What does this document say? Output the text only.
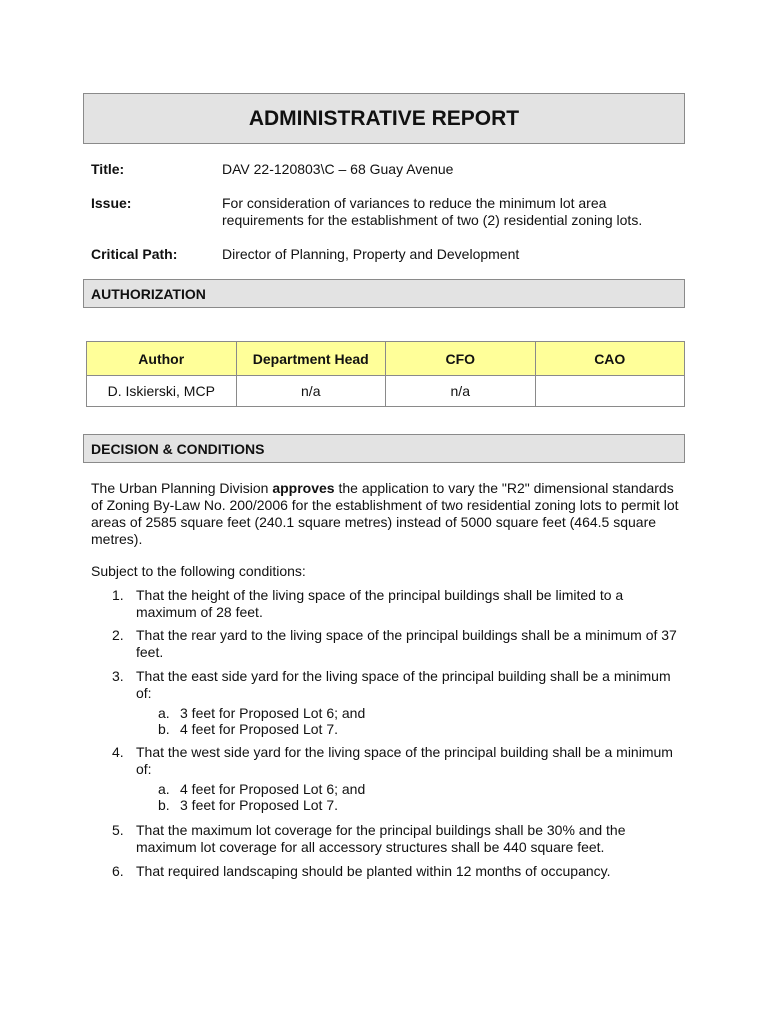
ADMINISTRATIVE REPORT
Title:	DAV 22-120803\C – 68 Guay Avenue
Issue:	For consideration of variances to reduce the minimum lot area requirements for the establishment of two (2) residential zoning lots.
Critical Path:	Director of Planning, Property and Development
AUTHORIZATION
Author	Department Head	CFO	CAO
D. Iskierski, MCP	n/a	n/a	
DECISION & CONDITIONS
The Urban Planning Division approves the application to vary the "R2" dimensional standards of Zoning By-Law No. 200/2006 for the establishment of two residential zoning lots to permit lot areas of 2585 square feet (240.1 square metres) instead of 5000 square feet (464.5 square metres).
Subject to the following conditions:
1. That the height of the living space of the principal buildings shall be limited to a maximum of 28 feet.
2. That the rear yard to the living space of the principal buildings shall be a minimum of 37 feet.
3. That the east side yard for the living space of the principal building shall be a minimum of:
a. 3 feet for Proposed Lot 6; and
b. 4 feet for Proposed Lot 7.
4. That the west side yard for the living space of the principal building shall be a minimum of:
a. 4 feet for Proposed Lot 6; and
b. 3 feet for Proposed Lot 7.
5. That the maximum lot coverage for the principal buildings shall be 30% and the maximum lot coverage for all accessory structures shall be 440 square feet.
6. That required landscaping should be planted within 12 months of occupancy.
